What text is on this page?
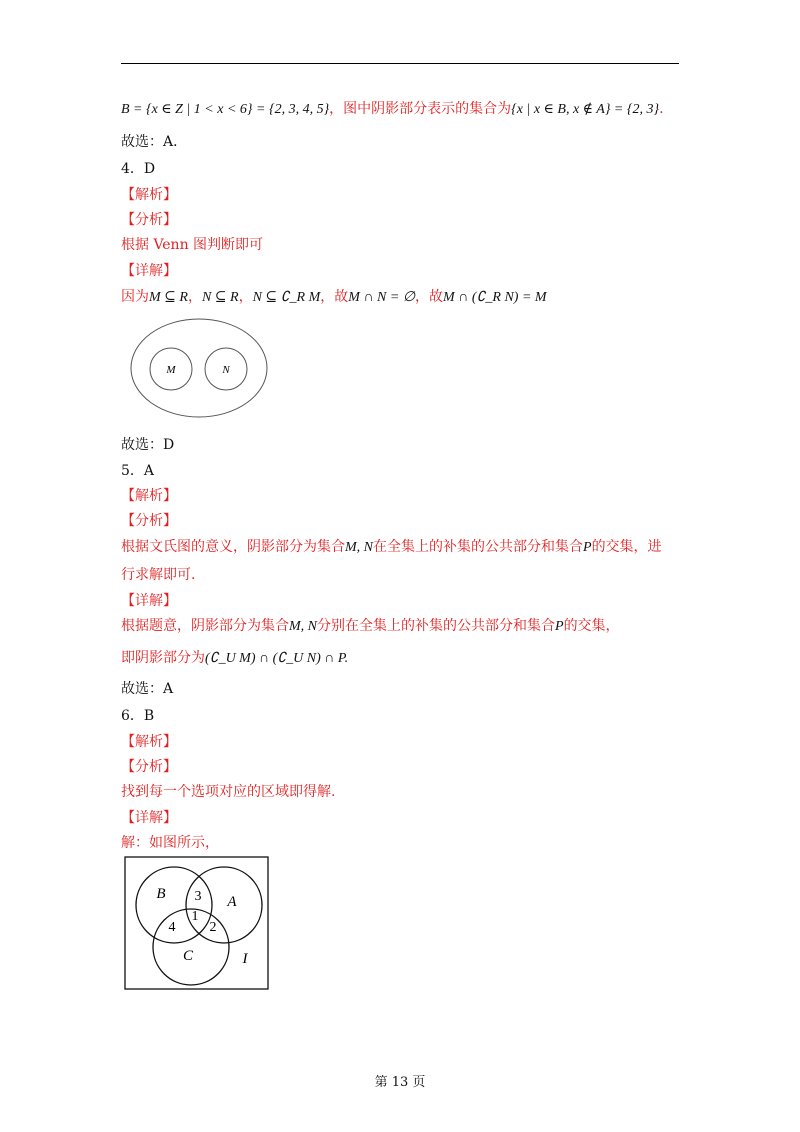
B = {x ∈ Z | 1 < x < 6} = {2, 3, 4, 5}，图中阴影部分表示的集合为{x | x ∈ B, x ∉ A} = {2, 3}.
故选：A．
4．D
【解析】
【分析】
根据 Venn 图判断即可
【详解】
因为M ⊆ R，N ⊆ R，N ⊆ ∁_R M，故M ∩ N = ∅，故M ∩ (∁_R N) = M
M	N
故选：D
5．A
【解析】
【分析】
根据文氏图的意义，阴影部分为集合M, N在全集上的补集的公共部分和集合P的交集，进
行求解即可.
【详解】
根据题意，阴影部分为集合M, N分别在全集上的补集的公共部分和集合P的交集，
即阴影部分为(∁_U M) ∩ (∁_U N) ∩ P.
故选：A
6．B
【解析】
【分析】
找到每一个选项对应的区域即得解.
【详解】
解：如图所示，
B	A
C	I
3
1
4 2
第 13 页
